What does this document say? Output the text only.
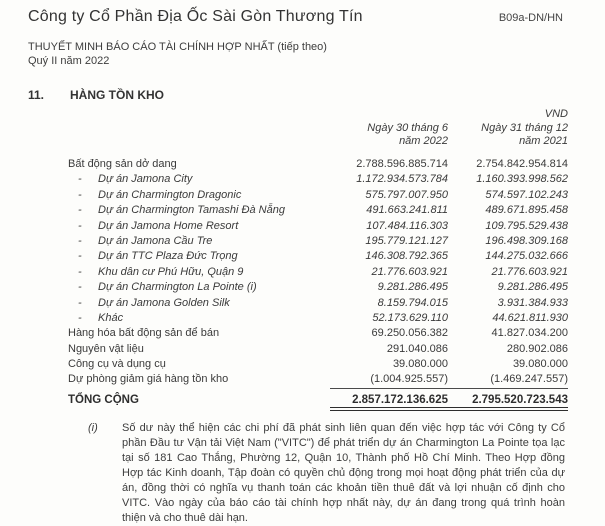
Công ty Cổ Phần Địa Ốc Sài Gòn Thương Tín	B09a-DN/HN
THUYẾT MINH BÁO CÁO TÀI CHÍNH HỢP NHẤT (tiếp theo)
Quý II năm 2022
11. HÀNG TỒN KHO
VND
Ngày 30 tháng 6
năm 2022
Ngày 31 tháng 12
năm 2021
Bất động sản dở dang	2.788.596.885.714	2.754.842.954.814
- Dự án Jamona City	1.172.934.573.784	1.160.393.998.562
- Dự án Charmington Dragonic	575.797.007.950	574.597.102.243
- Dự án Charmington Tamashi Đà Nẵng	491.663.241.811	489.671.895.458
- Dự án Jamona Home Resort	107.484.116.303	109.795.529.438
- Dự án Jamona Cầu Tre	195.779.121.127	196.498.309.168
- Dự án TTC Plaza Đức Trọng	146.308.792.365	144.275.032.666
- Khu dân cư Phú Hữu, Quận 9	21.776.603.921	21.776.603.921
- Dự án Charmington La Pointe (i)	9.281.286.495	9.281.286.495
- Dự án Jamona Golden Silk	8.159.794.015	3.931.384.933
- Khác	52.173.629.110	44.621.811.930
Hàng hóa bất động sản để bán	69.250.056.382	41.827.034.200
Nguyên vật liệu	291.040.086	280.902.086
Công cụ và dụng cụ	39.080.000	39.080.000
Dự phòng giảm giá hàng tồn kho	(1.004.925.557)	(1.469.247.557)
TỔNG CỘNG	2.857.172.136.625	2.795.520.723.543
(i)	Số dư này thể hiện các chi phí đã phát sinh liên quan đến việc hợp tác với Công ty Cổ phần Đầu tư Vận tải Việt Nam ("VITC") để phát triển dự án Charmington La Pointe tọa lạc tại số 181 Cao Thắng, Phường 12, Quận 10, Thành phố Hồ Chí Minh. Theo Hợp đồng Hợp tác Kinh doanh, Tập đoàn có quyền chủ động trong mọi hoạt động phát triển của dự án, đồng thời có nghĩa vụ thanh toán các khoản tiền thuê đất và lợi nhuận cố định cho VITC. Vào ngày của báo cáo tài chính hợp nhất này, dự án đang trong quá trình hoàn thiện và cho thuê dài hạn.
